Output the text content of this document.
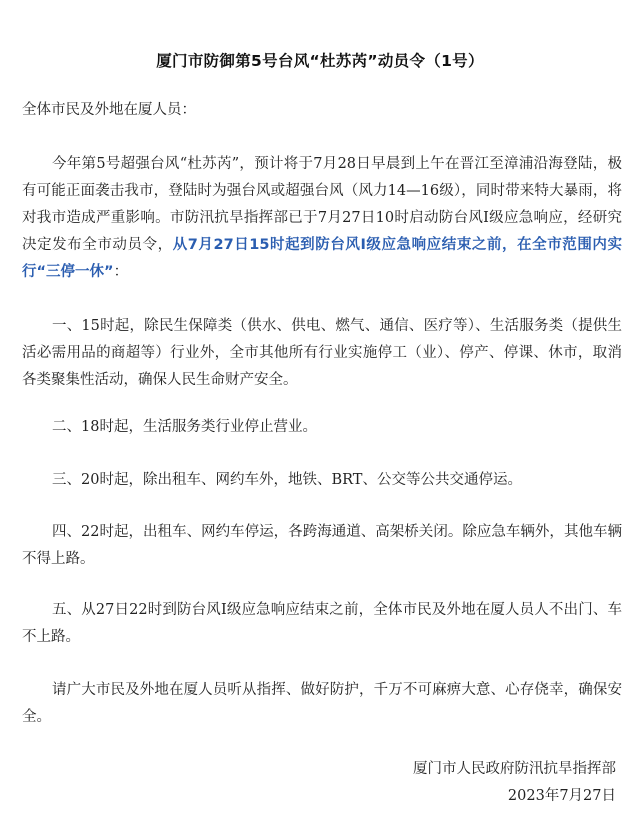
厦门市防御第5号台风“杜苏芮”动员令（1号）

全体市民及外地在厦人员：

今年第5号超强台风“杜苏芮”，预计将于7月28日早晨到上午在晋江至漳浦沿海登陆，极有可能正面袭击我市，登陆时为强台风或超强台风（风力14—16级），同时带来特大暴雨，将对我市造成严重影响。市防汛抗旱指挥部已于7月27日10时启动防台风Ⅰ级应急响应，经研究决定发布全市动员令，从7月27日15时起到防台风Ⅰ级应急响应结束之前，在全市范围内实行“三停一休”：

一、15时起，除民生保障类（供水、供电、燃气、通信、医疗等）、生活服务类（提供生活必需用品的商超等）行业外，全市其他所有行业实施停工（业）、停产、停课、休市，取消各类聚集性活动，确保人民生命财产安全。

二、18时起，生活服务类行业停止营业。

三、20时起，除出租车、网约车外，地铁、BRT、公交等公共交通停运。

四、22时起，出租车、网约车停运，各跨海通道、高架桥关闭。除应急车辆外，其他车辆不得上路。

五、从27日22时到防台风Ⅰ级应急响应结束之前，全体市民及外地在厦人员人不出门、车不上路。

请广大市民及外地在厦人员听从指挥、做好防护，千万不可麻痹大意、心存侥幸，确保安全。

厦门市人民政府防汛抗旱指挥部

2023年7月27日
